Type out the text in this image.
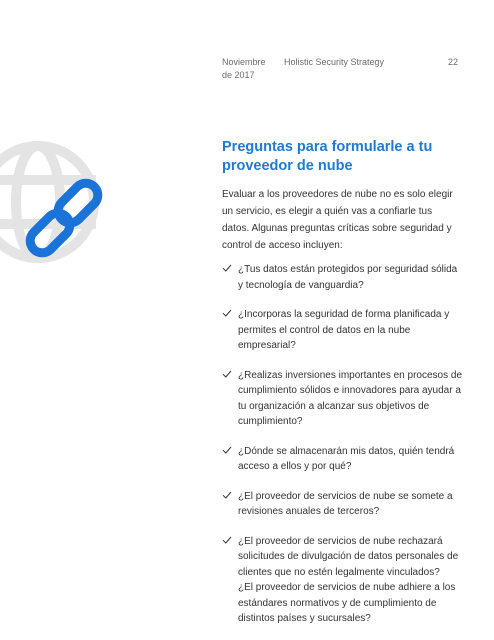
Noviembre de 2017
Holistic Security Strategy	22
Preguntas para formularle a tu proveedor de nube

Evaluar a los proveedores de nube no es solo elegir un servicio, es elegir a quién vas a confiarle tus datos. Algunas preguntas críticas sobre seguridad y control de acceso incluyen:

¿Tus datos están protegidos por seguridad sólida y tecnología de vanguardia?
¿Incorporas la seguridad de forma planificada y permites el control de datos en la nube empresarial?
¿Realizas inversiones importantes en procesos de cumplimiento sólidos e innovadores para ayudar a tu organización a alcanzar sus objetivos de cumplimiento?
¿Dónde se almacenarán mis datos, quién tendrá acceso a ellos y por qué?
¿El proveedor de servicios de nube se somete a revisiones anuales de terceros?
¿El proveedor de servicios de nube rechazará solicitudes de divulgación de datos personales de clientes que no estén legalmente vinculados?
¿El proveedor de servicios de nube adhiere a los estándares normativos y de cumplimiento de distintos países y sucursales?
